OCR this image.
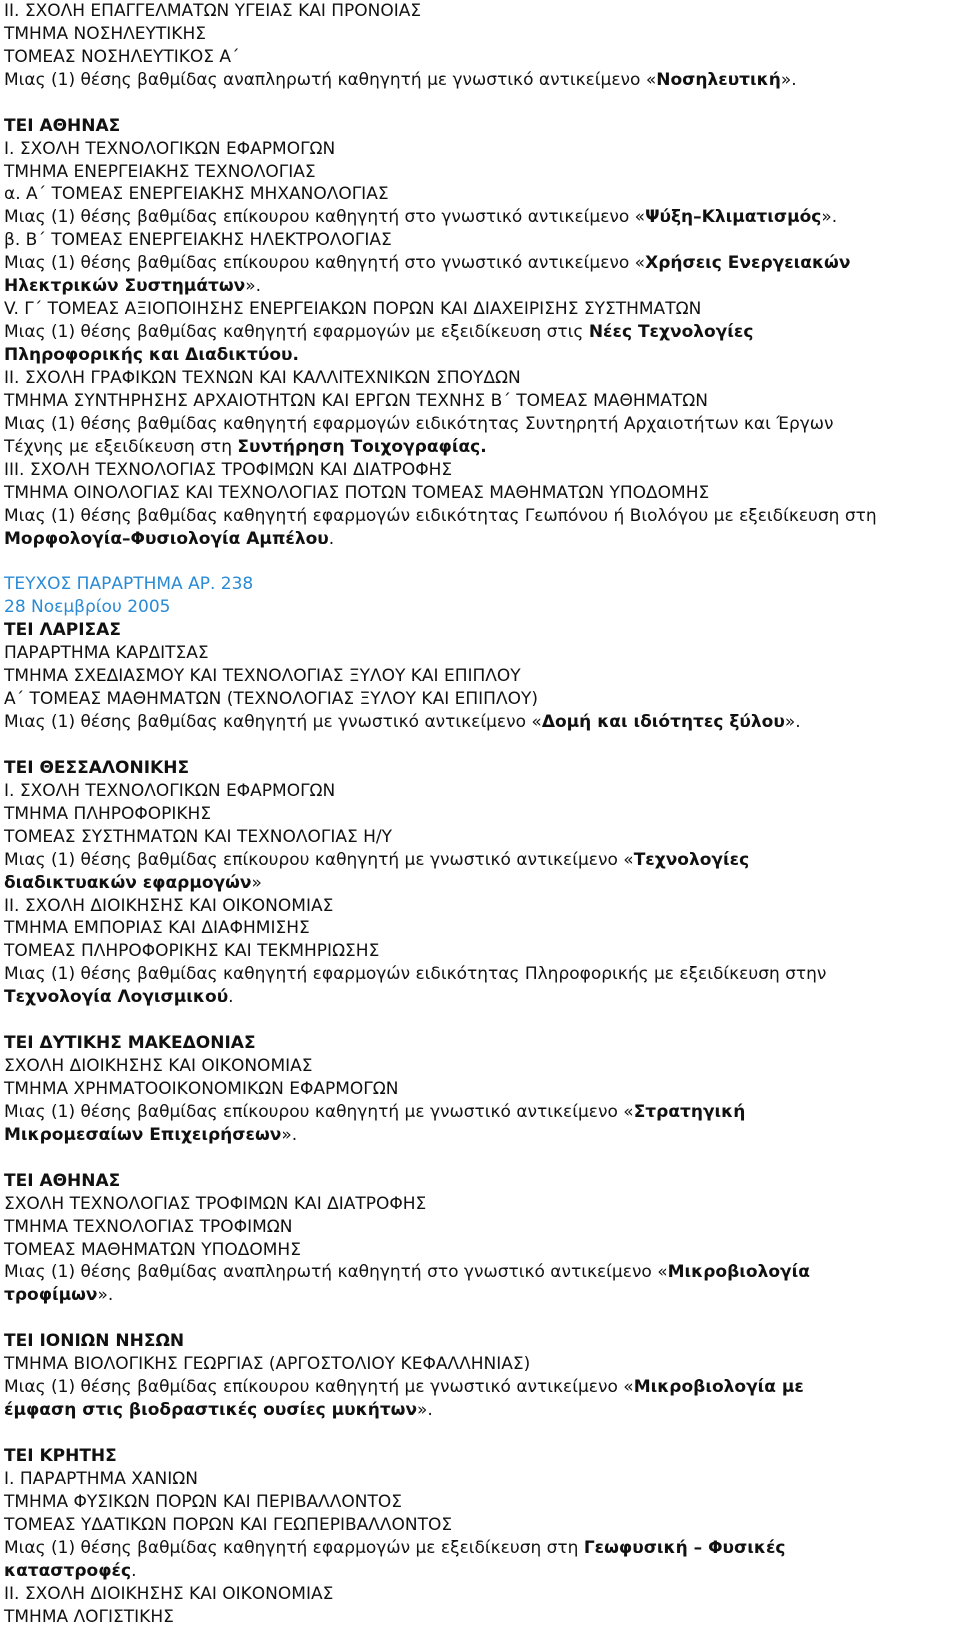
II. ΣΧΟΛΗ ΕΠΑΓΓΕΛΜΑΤΩΝ ΥΓΕΙΑΣ ΚΑΙ ΠΡΟΝΟΙΑΣ
ΤΜΗΜΑ ΝΟΣΗΛΕΥΤΙΚΗΣ
ΤΟΜΕΑΣ ΝΟΣΗΛΕΥΤΙΚΟΣ Α΄
Μιας (1) θέσης βαθμίδας αναπληρωτή καθηγητή με γνωστικό αντικείμενο «Νοσηλευτική».
ΤΕΙ ΑΘΗΝΑΣ
I. ΣΧΟΛΗ ΤΕΧΝΟΛΟΓΙΚΩΝ ΕΦΑΡΜΟΓΩΝ
ΤΜΗΜΑ ΕΝΕΡΓΕΙΑΚΗΣ ΤΕΧΝΟΛΟΓΙΑΣ
α. Α΄ ΤΟΜΕΑΣ ΕΝΕΡΓΕΙΑΚΗΣ ΜΗΧΑΝΟΛΟΓΙΑΣ
Μιας (1) θέσης βαθμίδας επίκουρου καθηγητή στο γνωστικό αντικείμενο «Ψύξη–Κλιματισμός».
β. Β΄ ΤΟΜΕΑΣ ΕΝΕΡΓΕΙΑΚΗΣ ΗΛΕΚΤΡΟΛΟΓΙΑΣ
Μιας (1) θέσης βαθμίδας επίκουρου καθηγητή στο γνωστικό αντικείμενο «Χρήσεις Ενεργειακών
Ηλεκτρικών Συστημάτων».
V. Γ΄ ΤΟΜΕΑΣ ΑΞΙΟΠΟΙΗΣΗΣ ΕΝΕΡΓΕΙΑΚΩΝ ΠΟΡΩΝ ΚΑΙ ΔΙΑΧΕΙΡΙΣΗΣ ΣΥΣΤΗΜΑΤΩΝ
Μιας (1) θέσης βαθμίδας καθηγητή εφαρμογών με εξειδίκευση στις Νέες Τεχνολογίες
Πληροφορικής και Διαδικτύου.
II. ΣΧΟΛΗ ΓΡΑΦΙΚΩΝ ΤΕΧΝΩΝ ΚΑΙ ΚΑΛΛΙΤΕΧΝΙΚΩΝ ΣΠΟΥΔΩΝ
ΤΜΗΜΑ ΣΥΝΤΗΡΗΣΗΣ ΑΡΧΑΙΟΤΗΤΩΝ ΚΑΙ ΕΡΓΩΝ ΤΕΧΝΗΣ Β΄ ΤΟΜΕΑΣ ΜΑΘΗΜΑΤΩΝ
Μιας (1) θέσης βαθμίδας καθηγητή εφαρμογών ειδικότητας Συντηρητή Αρχαιοτήτων και Έργων
Τέχνης με εξειδίκευση στη Συντήρηση Τοιχογραφίας.
III. ΣΧΟΛΗ ΤΕΧΝΟΛΟΓΙΑΣ ΤΡΟΦΙΜΩΝ ΚΑΙ ΔΙΑΤΡΟΦΗΣ
ΤΜΗΜΑ ΟΙΝΟΛΟΓΙΑΣ ΚΑΙ ΤΕΧΝΟΛΟΓΙΑΣ ΠΟΤΩΝ ΤΟΜΕΑΣ ΜΑΘΗΜΑΤΩΝ ΥΠΟΔΟΜΗΣ
Μιας (1) θέσης βαθμίδας καθηγητή εφαρμογών ειδικότητας Γεωπόνου ή Βιολόγου με εξειδίκευση στη
Μορφολογία–Φυσιολογία Αμπέλου.
ΤΕΥΧΟΣ ΠΑΡΑΡΤΗΜΑ ΑΡ. 238
28 Νοεμβρίου 2005
ΤΕΙ ΛΑΡΙΣΑΣ
ΠΑΡΑΡΤΗΜΑ ΚΑΡΔΙΤΣΑΣ
ΤΜΗΜΑ ΣΧΕΔΙΑΣΜΟΥ ΚΑΙ ΤΕΧΝΟΛΟΓΙΑΣ ΞΥΛΟΥ ΚΑΙ ΕΠΙΠΛΟΥ
Α΄ ΤΟΜΕΑΣ ΜΑΘΗΜΑΤΩΝ (ΤΕΧΝΟΛΟΓΙΑΣ ΞΥΛΟΥ ΚΑΙ ΕΠΙΠΛΟΥ)
Μιας (1) θέσης βαθμίδας καθηγητή με γνωστικό αντικείμενο «Δομή και ιδιότητες ξύλου».
ΤΕΙ ΘΕΣΣΑΛΟΝΙΚΗΣ
I. ΣΧΟΛΗ ΤΕΧΝΟΛΟΓΙΚΩΝ ΕΦΑΡΜΟΓΩΝ
ΤΜΗΜΑ ΠΛΗΡΟΦΟΡΙΚΗΣ
ΤΟΜΕΑΣ ΣΥΣΤΗΜΑΤΩΝ ΚΑΙ ΤΕΧΝΟΛΟΓΙΑΣ Η/Υ
Μιας (1) θέσης βαθμίδας επίκουρου καθηγητή με γνωστικό αντικείμενο «Τεχνολογίες
διαδικτυακών εφαρμογών»
II. ΣΧΟΛΗ ΔΙΟΙΚΗΣΗΣ ΚΑΙ ΟΙΚΟΝΟΜΙΑΣ
ΤΜΗΜΑ ΕΜΠΟΡΙΑΣ ΚΑΙ ΔΙΑΦΗΜΙΣΗΣ
ΤΟΜΕΑΣ ΠΛΗΡΟΦΟΡΙΚΗΣ ΚΑΙ ΤΕΚΜΗΡΙΩΣΗΣ
Μιας (1) θέσης βαθμίδας καθηγητή εφαρμογών ειδικότητας Πληροφορικής με εξειδίκευση στην
Τεχνολογία Λογισμικού.
ΤΕΙ ΔΥΤΙΚΗΣ ΜΑΚΕΔΟΝΙΑΣ
ΣΧΟΛΗ ΔΙΟΙΚΗΣΗΣ ΚΑΙ ΟΙΚΟΝΟΜΙΑΣ
ΤΜΗΜΑ ΧΡΗΜΑΤΟΟΙΚΟΝΟΜΙΚΩΝ ΕΦΑΡΜΟΓΩΝ
Μιας (1) θέσης βαθμίδας επίκουρου καθηγητή με γνωστικό αντικείμενο «Στρατηγική
Μικρομεσαίων Επιχειρήσεων».
ΤΕΙ ΑΘΗΝΑΣ
ΣΧΟΛΗ ΤΕΧΝΟΛΟΓΙΑΣ ΤΡΟΦΙΜΩΝ ΚΑΙ ΔΙΑΤΡΟΦΗΣ
ΤΜΗΜΑ ΤΕΧΝΟΛΟΓΙΑΣ ΤΡΟΦΙΜΩΝ
ΤΟΜΕΑΣ ΜΑΘΗΜΑΤΩΝ ΥΠΟΔΟΜΗΣ
Μιας (1) θέσης βαθμίδας αναπληρωτή καθηγητή στο γνωστικό αντικείμενο «Μικροβιολογία
τροφίμων».
ΤΕΙ ΙΟΝΙΩΝ ΝΗΣΩΝ
ΤΜΗΜΑ ΒΙΟΛΟΓΙΚΗΣ ΓΕΩΡΓΙΑΣ (ΑΡΓΟΣΤΟΛΙΟΥ ΚΕΦΑΛΛΗΝΙΑΣ)
Μιας (1) θέσης βαθμίδας επίκουρου καθηγητή με γνωστικό αντικείμενο «Μικροβιολογία με
έμφαση στις βιοδραστικές ουσίες μυκήτων».
ΤΕΙ ΚΡΗΤΗΣ
I. ΠΑΡΑΡΤΗΜΑ ΧΑΝΙΩΝ
ΤΜΗΜΑ ΦΥΣΙΚΩΝ ΠΟΡΩΝ ΚΑΙ ΠΕΡΙΒΑΛΛΟΝΤΟΣ
ΤΟΜΕΑΣ ΥΔΑΤΙΚΩΝ ΠΟΡΩΝ ΚΑΙ ΓΕΩΠΕΡΙΒΑΛΛΟΝΤΟΣ
Μιας (1) θέσης βαθμίδας καθηγητή εφαρμογών με εξειδίκευση στη Γεωφυσική – Φυσικές
καταστροφές.
II. ΣΧΟΛΗ ΔΙΟΙΚΗΣΗΣ ΚΑΙ ΟΙΚΟΝΟΜΙΑΣ
ΤΜΗΜΑ ΛΟΓΙΣΤΙΚΗΣ
